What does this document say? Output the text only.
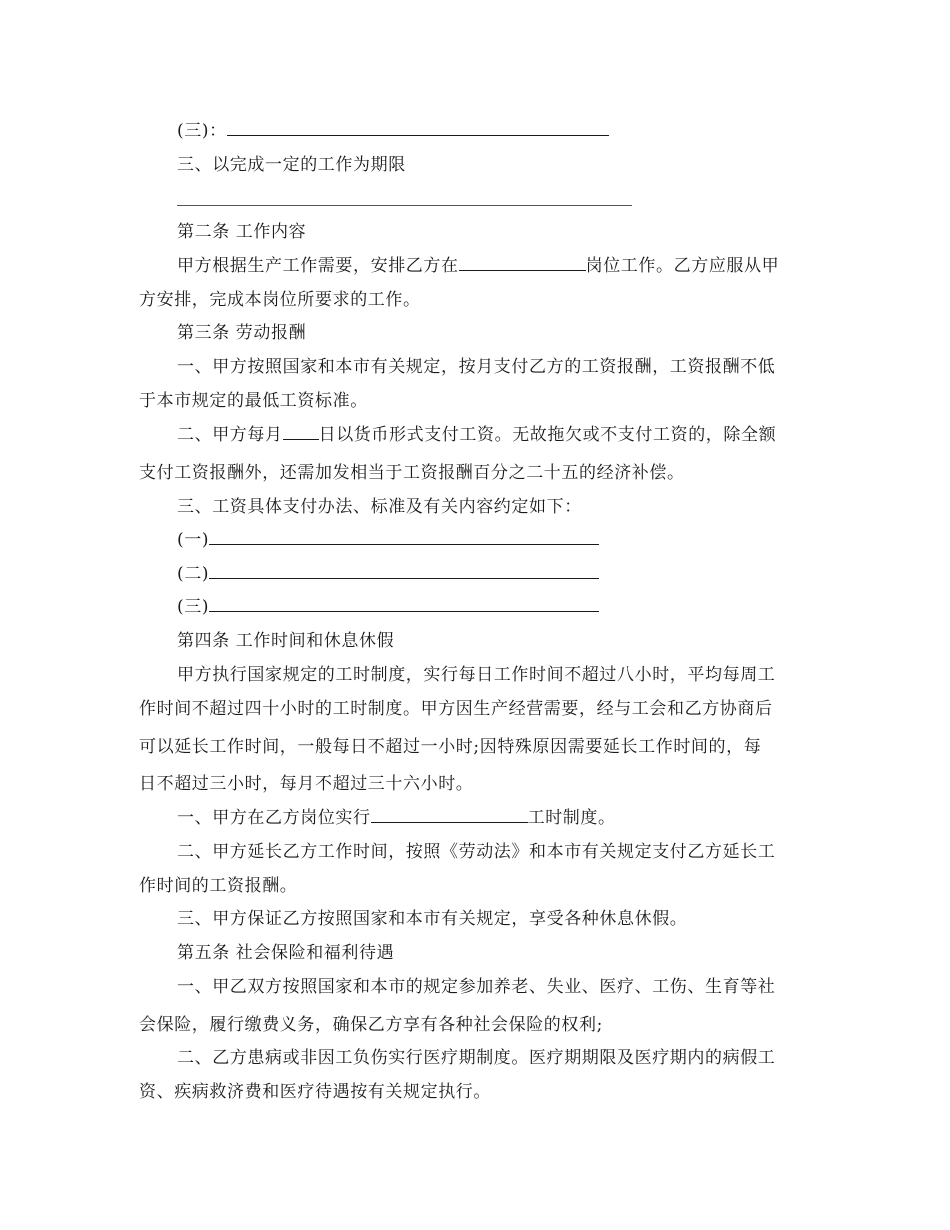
(三)：
三、以完成一定的工作为期限
第二条 工作内容
甲方根据生产工作需要，安排乙方在	岗位工作。乙方应服从甲
方安排，完成本岗位所要求的工作。
第三条 劳动报酬
一、甲方按照国家和本市有关规定，按月支付乙方的工资报酬，工资报酬不低
于本市规定的最低工资标准。
二、甲方每月 日以货币形式支付工资。无故拖欠或不支付工资的，除全额
支付工资报酬外，还需加发相当于工资报酬百分之二十五的经济补偿。
三、工资具体支付办法、标准及有关内容约定如下：
(一)
(二)
(三)
第四条 工作时间和休息休假
甲方执行国家规定的工时制度，实行每日工作时间不超过八小时，平均每周工
作时间不超过四十小时的工时制度。甲方因生产经营需要，经与工会和乙方协商后
可以延长工作时间，一般每日不超过一小时;因特殊原因需要延长工作时间的，每
日不超过三小时，每月不超过三十六小时。
一、甲方在乙方岗位实行	工时制度。
二、甲方延长乙方工作时间，按照《劳动法》和本市有关规定支付乙方延长工
作时间的工资报酬。
三、甲方保证乙方按照国家和本市有关规定，享受各种休息休假。
第五条 社会保险和福利待遇
一、甲乙双方按照国家和本市的规定参加养老、失业、医疗、工伤、生育等社
会保险，履行缴费义务，确保乙方享有各种社会保险的权利;
二、乙方患病或非因工负伤实行医疗期制度。医疗期期限及医疗期内的病假工
资、疾病救济费和医疗待遇按有关规定执行。
